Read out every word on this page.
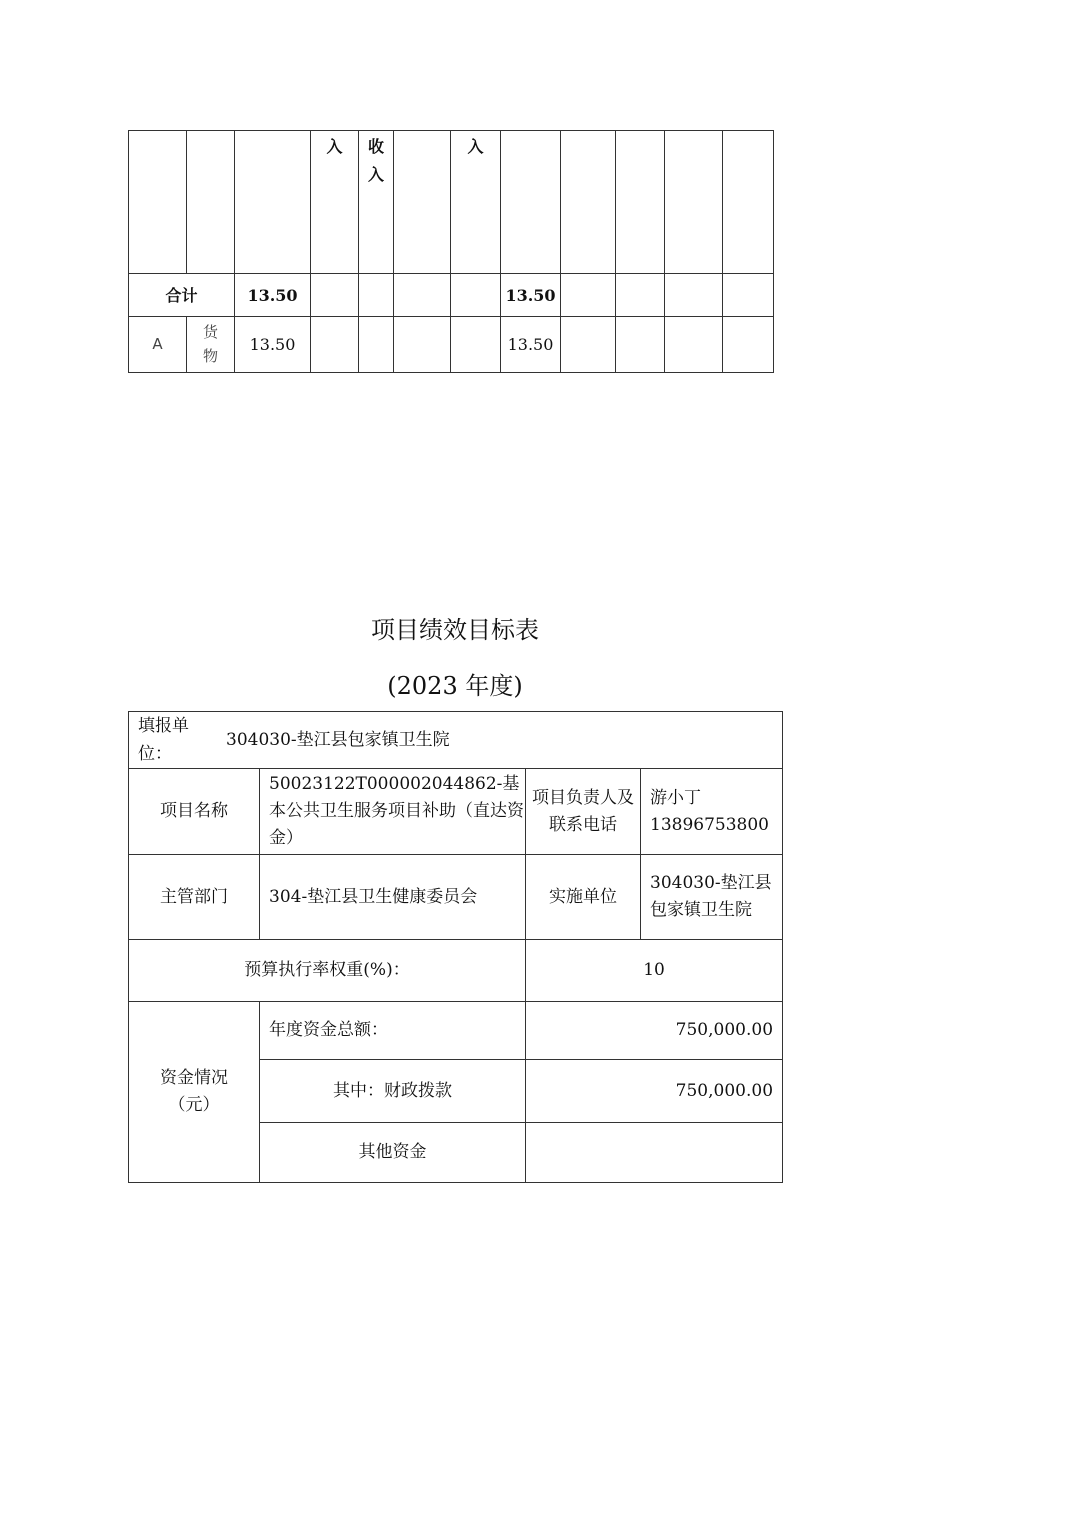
			入	收入		入					
合计		13.50					13.50				
A	货物	13.50					13.50				
项目绩效目标表
(2023 年度)
填报单位：304030-垫江县包家镇卫生院			
项目名称	50023122T000002044862-基本公共卫生服务项目补助（直达资金）	项目负责人及联系电话	游小丁
13896753800

主管部门	304-垫江县卫生健康委员会	实施单位	304030-垫江县包家镇卫生院
预算执行率权重(%)：		10	

资金情况（元）	年度资金总额：	750,000.00	
	其中：财政拨款	750,000.00	
	其他资金		
